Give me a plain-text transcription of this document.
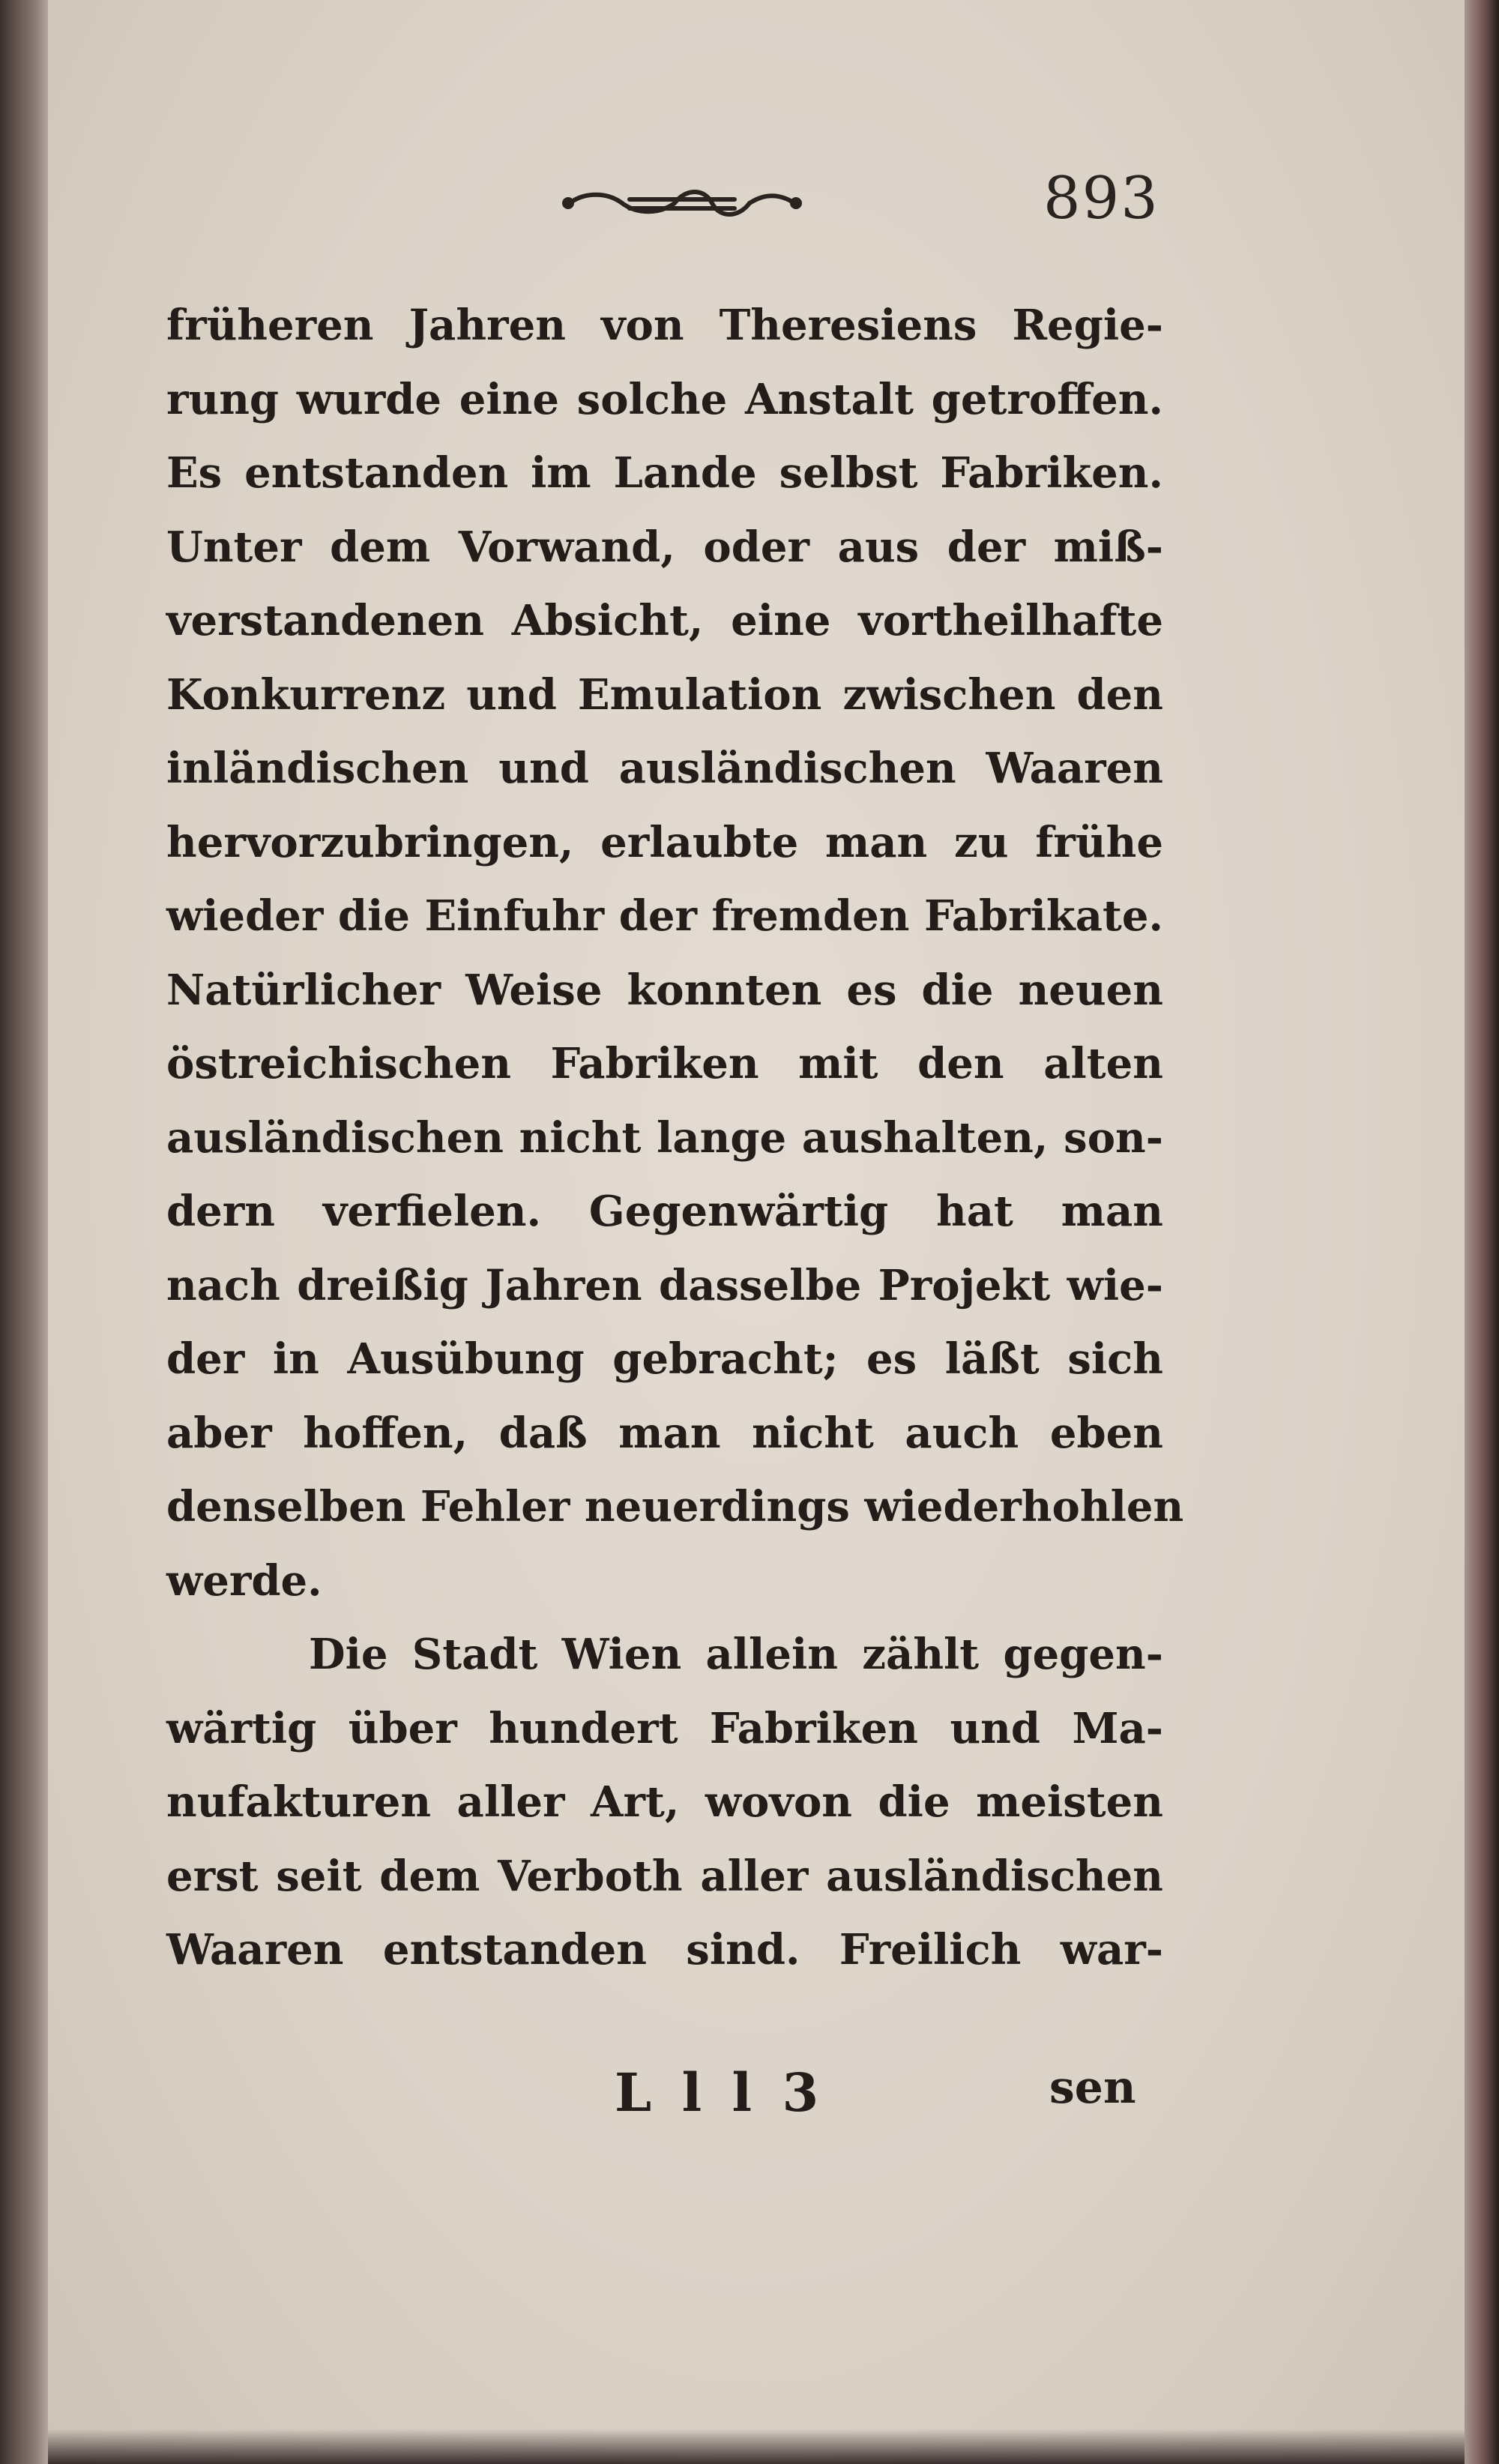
893
früheren Jahren von Theresiens Regie-
rung wurde eine solche Anstalt getroffen.
Es entstanden im Lande selbst Fabriken.
Unter dem Vorwand, oder aus der miß-
verstandenen Absicht, eine vortheilhafte
Konkurrenz und Emulation zwischen den
inländischen und ausländischen Waaren
hervorzubringen, erlaubte man zu frühe
wieder die Einfuhr der fremden Fabrikate.
Natürlicher Weise konnten es die neuen
östreichischen Fabriken mit den alten
ausländischen nicht lange aushalten, son-
dern verfielen. Gegenwärtig hat man
nach dreißig Jahren dasselbe Projekt wie-
der in Ausübung gebracht; es läßt sich
aber hoffen, daß man nicht auch eben
denselben Fehler neuerdings wiederhohlen
werde.
Die Stadt Wien allein zählt gegen-
wärtig über hundert Fabriken und Ma-
nufakturen aller Art, wovon die meisten
erst seit dem Verboth aller ausländischen
Waaren entstanden sind. Freilich war-
L l l 3	sen
